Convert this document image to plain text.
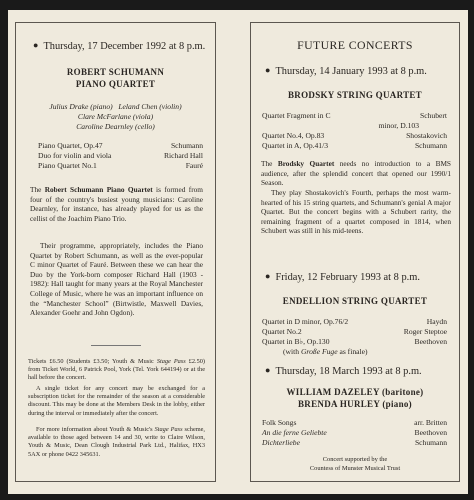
● Thursday, 17 December 1992 at 8 p.m.
ROBERT SCHUMANN
PIANO QUARTET
Julius Drake (piano)   Leland Chen (violin)
Clare McFarlane (viola)
Caroline Dearnley (cello)
Piano Quartet, Op.47	Schumann
Duo for violin and viola	Richard Hall
Piano Quartet No.1	Fauré
The Robert Schumann Piano Quartet is formed from four of the country's busiest young musicians: Caroline Dearnley, for instance, has already played for us as the cellist of the Joachim Piano Trio.
Their programme, appropriately, includes the Piano Quartet by Robert Schumann, as well as the ever-popular C minor Quartet of Fauré. Between these we can hear the Duo by the York-born composer Richard Hall (1903 - 1982): Hall taught for many years at the Royal Manchester College of Music, where he was an important influence on the “Manchester School” (Birtwistle, Maxwell Davies, Alexander Goehr and John Ogdon).
Tickets £6.50 (Students £3.50; Youth & Music Stage Pass £2.50) from Ticket World, 6 Patrick Pool, York (Tel. York 644194) or at the hall before the concert.
A single ticket for any concert may be exchanged for a subscription ticket for the remainder of the season at a considerable discount. This may be done at the Members Desk in the lobby, either during the interval or immediately after the concert.
For more information about Youth & Music's Stage Pass scheme, available to those aged between 14 and 30, write to Claire Wilson, Youth & Music, Dean Clough Industrial Park Ltd., Halifax, HX3 5AX or phone 0422 345631.
FUTURE CONCERTS
● Thursday, 14 January 1993 at 8 p.m.
BRODSKY STRING QUARTET
Quartet Fragment in C	Schubert
minor, D.103
Quartet No.4, Op.83	Shostakovich
Quartet in A, Op.41/3	Schumann
The Brodsky Quartet needs no introduction to a BMS audience, after the splendid concert that opened our 1990/1 Season.
They play Shostakovich's Fourth, perhaps the most warm-hearted of his 15 string quartets, and Schumann's genial A major Quartet. But the concert begins with a Schubert rarity, the remaining fragment of a quartet composed in 1814, when Schubert was still in his mid-teens.
● Friday, 12 February 1993 at 8 p.m.
ENDELLION STRING QUARTET
Quartet in D minor, Op.76/2	Haydn
Quartet No.2	Roger Steptoe
Quartet in B♭, Op.130	Beethoven
(with Große Fuge as finale)
● Thursday, 18 March 1993 at 8 p.m.
WILLIAM DAZELEY (baritone)
BRENDA HURLEY (piano)
Folk Songs	arr. Britten
An die ferne Geliebte	Beethoven
Dichterliebe	Schumann
Concert supported by the
Countess of Munster Musical Trust
